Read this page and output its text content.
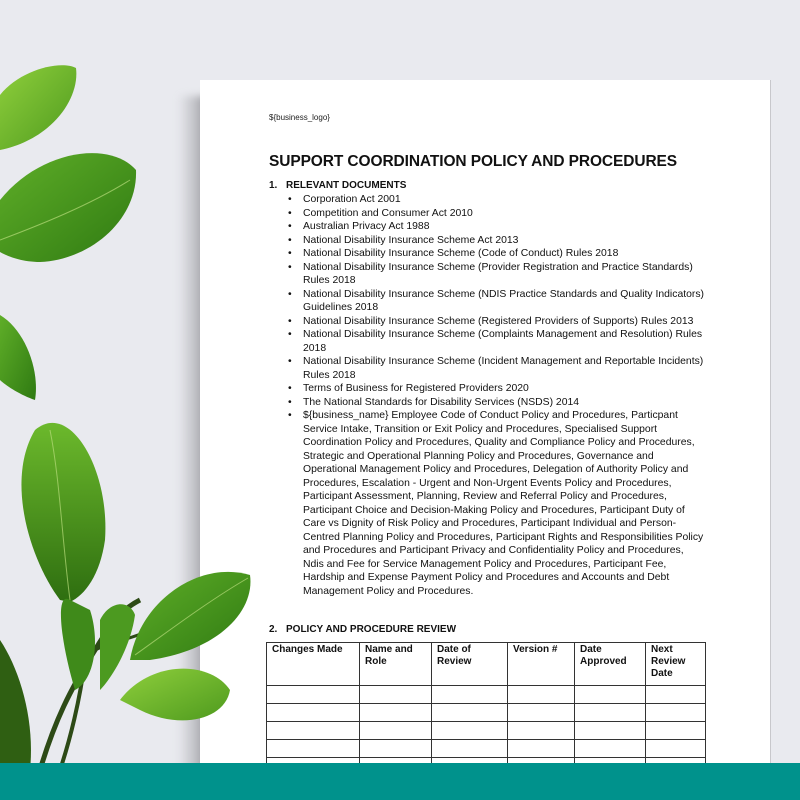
${business_logo}
SUPPORT COORDINATION POLICY AND PROCEDURES
1. RELEVANT DOCUMENTS
• Corporation Act 2001
• Competition and Consumer Act 2010
• Australian Privacy Act 1988
• National Disability Insurance Scheme Act 2013
• National Disability Insurance Scheme (Code of Conduct) Rules 2018
• National Disability Insurance Scheme (Provider Registration and Practice Standards) Rules 2018
• National Disability Insurance Scheme (NDIS Practice Standards and Quality Indicators) Guidelines 2018
• National Disability Insurance Scheme (Registered Providers of Supports) Rules 2013
• National Disability Insurance Scheme (Complaints Management and Resolution) Rules 2018
• National Disability Insurance Scheme (Incident Management and Reportable Incidents) Rules 2018
• Terms of Business for Registered Providers 2020
• The National Standards for Disability Services (NSDS) 2014
• ${business_name} Employee Code of Conduct Policy and Procedures, Particpant Service Intake, Transition or Exit Policy and Procedures, Specialised Support Coordination Policy and Procedures, Quality and Compliance Policy and Procedures, Strategic and Operational Planning Policy and Procedures, Governance and Operational Management Policy and Procedures, Delegation of Authority Policy and Procedures, Escalation - Urgent and Non-Urgent Events Policy and Procedures, Participant Assessment, Planning, Review and Referral Policy and Procedures, Participant Choice and Decision-Making Policy and Procedures, Participant Duty of Care vs Dignity of Risk Policy and Procedures, Participant Individual and Person-Centred Planning Policy and Procedures, Participant Rights and Responsibilities Policy and Procedures and Participant Privacy and Confidentiality Policy and Procedures, Ndis and Fee for Service Management Policy and Procedures, Participant Fee, Hardship and Expense Payment Policy and Procedures and Accounts and Debt Management Policy and Procedures.
2. POLICY AND PROCEDURE REVIEW
Changes Made	Name and Role	Date of Review	Version #	Date Approved	Next Review Date
